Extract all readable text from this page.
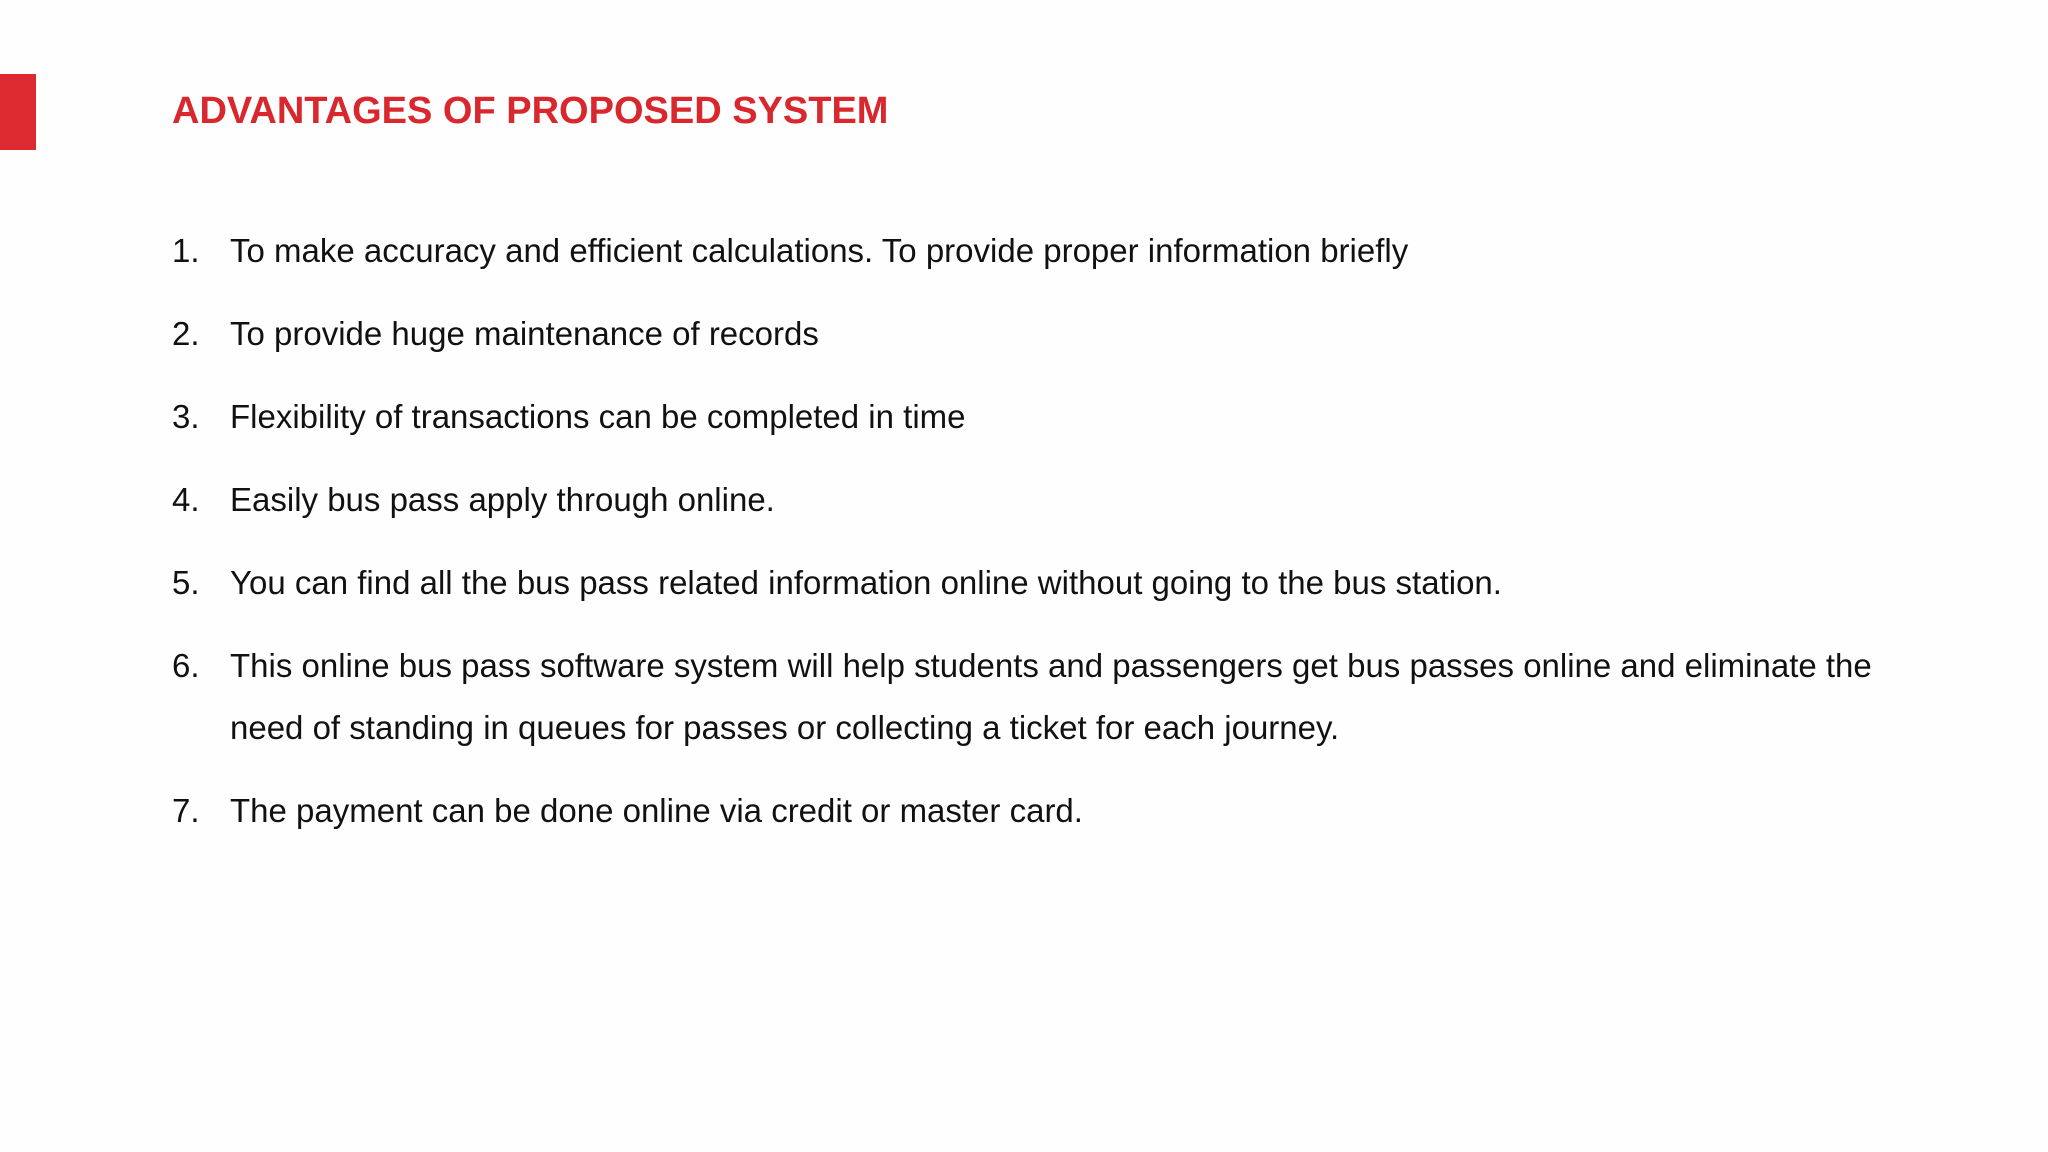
ADVANTAGES OF PROPOSED SYSTEM
1. To make accuracy and efficient calculations. To provide proper information briefly
2. To provide huge maintenance of records
3. Flexibility of transactions can be completed in time
4. Easily bus pass apply through online.
5. You can find all the bus pass related information online without going to the bus station.
6. This online bus pass software system will help students and passengers get bus passes online and eliminate the need of standing in queues for passes or collecting a ticket for each journey.
7. The payment can be done online via credit or master card.
